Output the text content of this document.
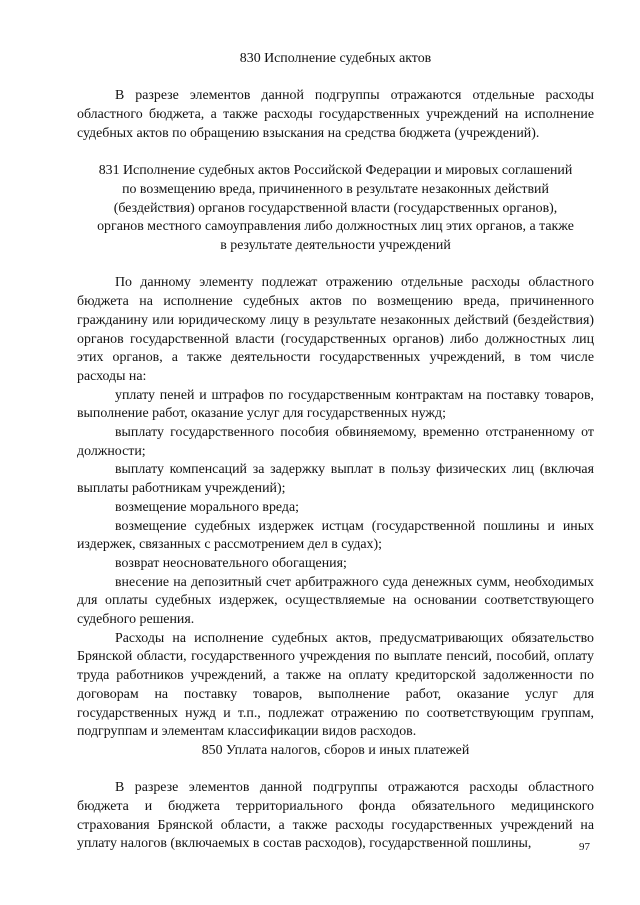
830 Исполнение судебных актов

В разрезе элементов данной подгруппы отражаются отдельные расходы областного бюджета, а также расходы государственных учреждений на исполнение судебных актов по обращению взыскания на средства бюджета (учреждений).

831 Исполнение судебных актов Российской Федерации и мировых соглашений

по возмещению вреда, причиненного в результате незаконных действий

(бездействия) органов государственной власти (государственных органов),

органов местного самоуправления либо должностных лиц этих органов, а также

в результате деятельности учреждений

По данному элементу подлежат отражению отдельные расходы областного бюджета на исполнение судебных актов по возмещению вреда, причиненного гражданину или юридическому лицу в результате незаконных действий (бездействия) органов государственной власти (государственных органов) либо должностных лиц этих органов, а также деятельности государственных учреждений, в том числе расходы на:

уплату пеней и штрафов по государственным контрактам на поставку товаров, выполнение работ, оказание услуг для государственных нужд;

выплату государственного пособия обвиняемому, временно отстраненному от должности;

выплату компенсаций за задержку выплат в пользу физических лиц (включая выплаты работникам учреждений);

возмещение морального вреда;

возмещение судебных издержек истцам (государственной пошлины и иных издержек, связанных с рассмотрением дел в судах);

возврат неосновательного обогащения;

внесение на депозитный счет арбитражного суда денежных сумм, необходимых для оплаты судебных издержек, осуществляемые на основании соответствующего судебного решения.

Расходы на исполнение судебных актов, предусматривающих обязательство Брянской области, государственного учреждения по выплате пенсий, пособий, оплату труда работников учреждений, а также на оплату кредиторской задолженности по договорам на поставку товаров, выполнение работ, оказание услуг для государственных нужд и т.п., подлежат отражению по соответствующим группам, подгруппам и элементам классификации видов расходов.

850 Уплата налогов, сборов и иных платежей

В разрезе элементов данной подгруппы отражаются расходы областного бюджета и бюджета территориального фонда обязательного медицинского страхования Брянской области, а также расходы государственных учреждений на уплату налогов (включаемых в состав расходов), государственной пошлины,	97
